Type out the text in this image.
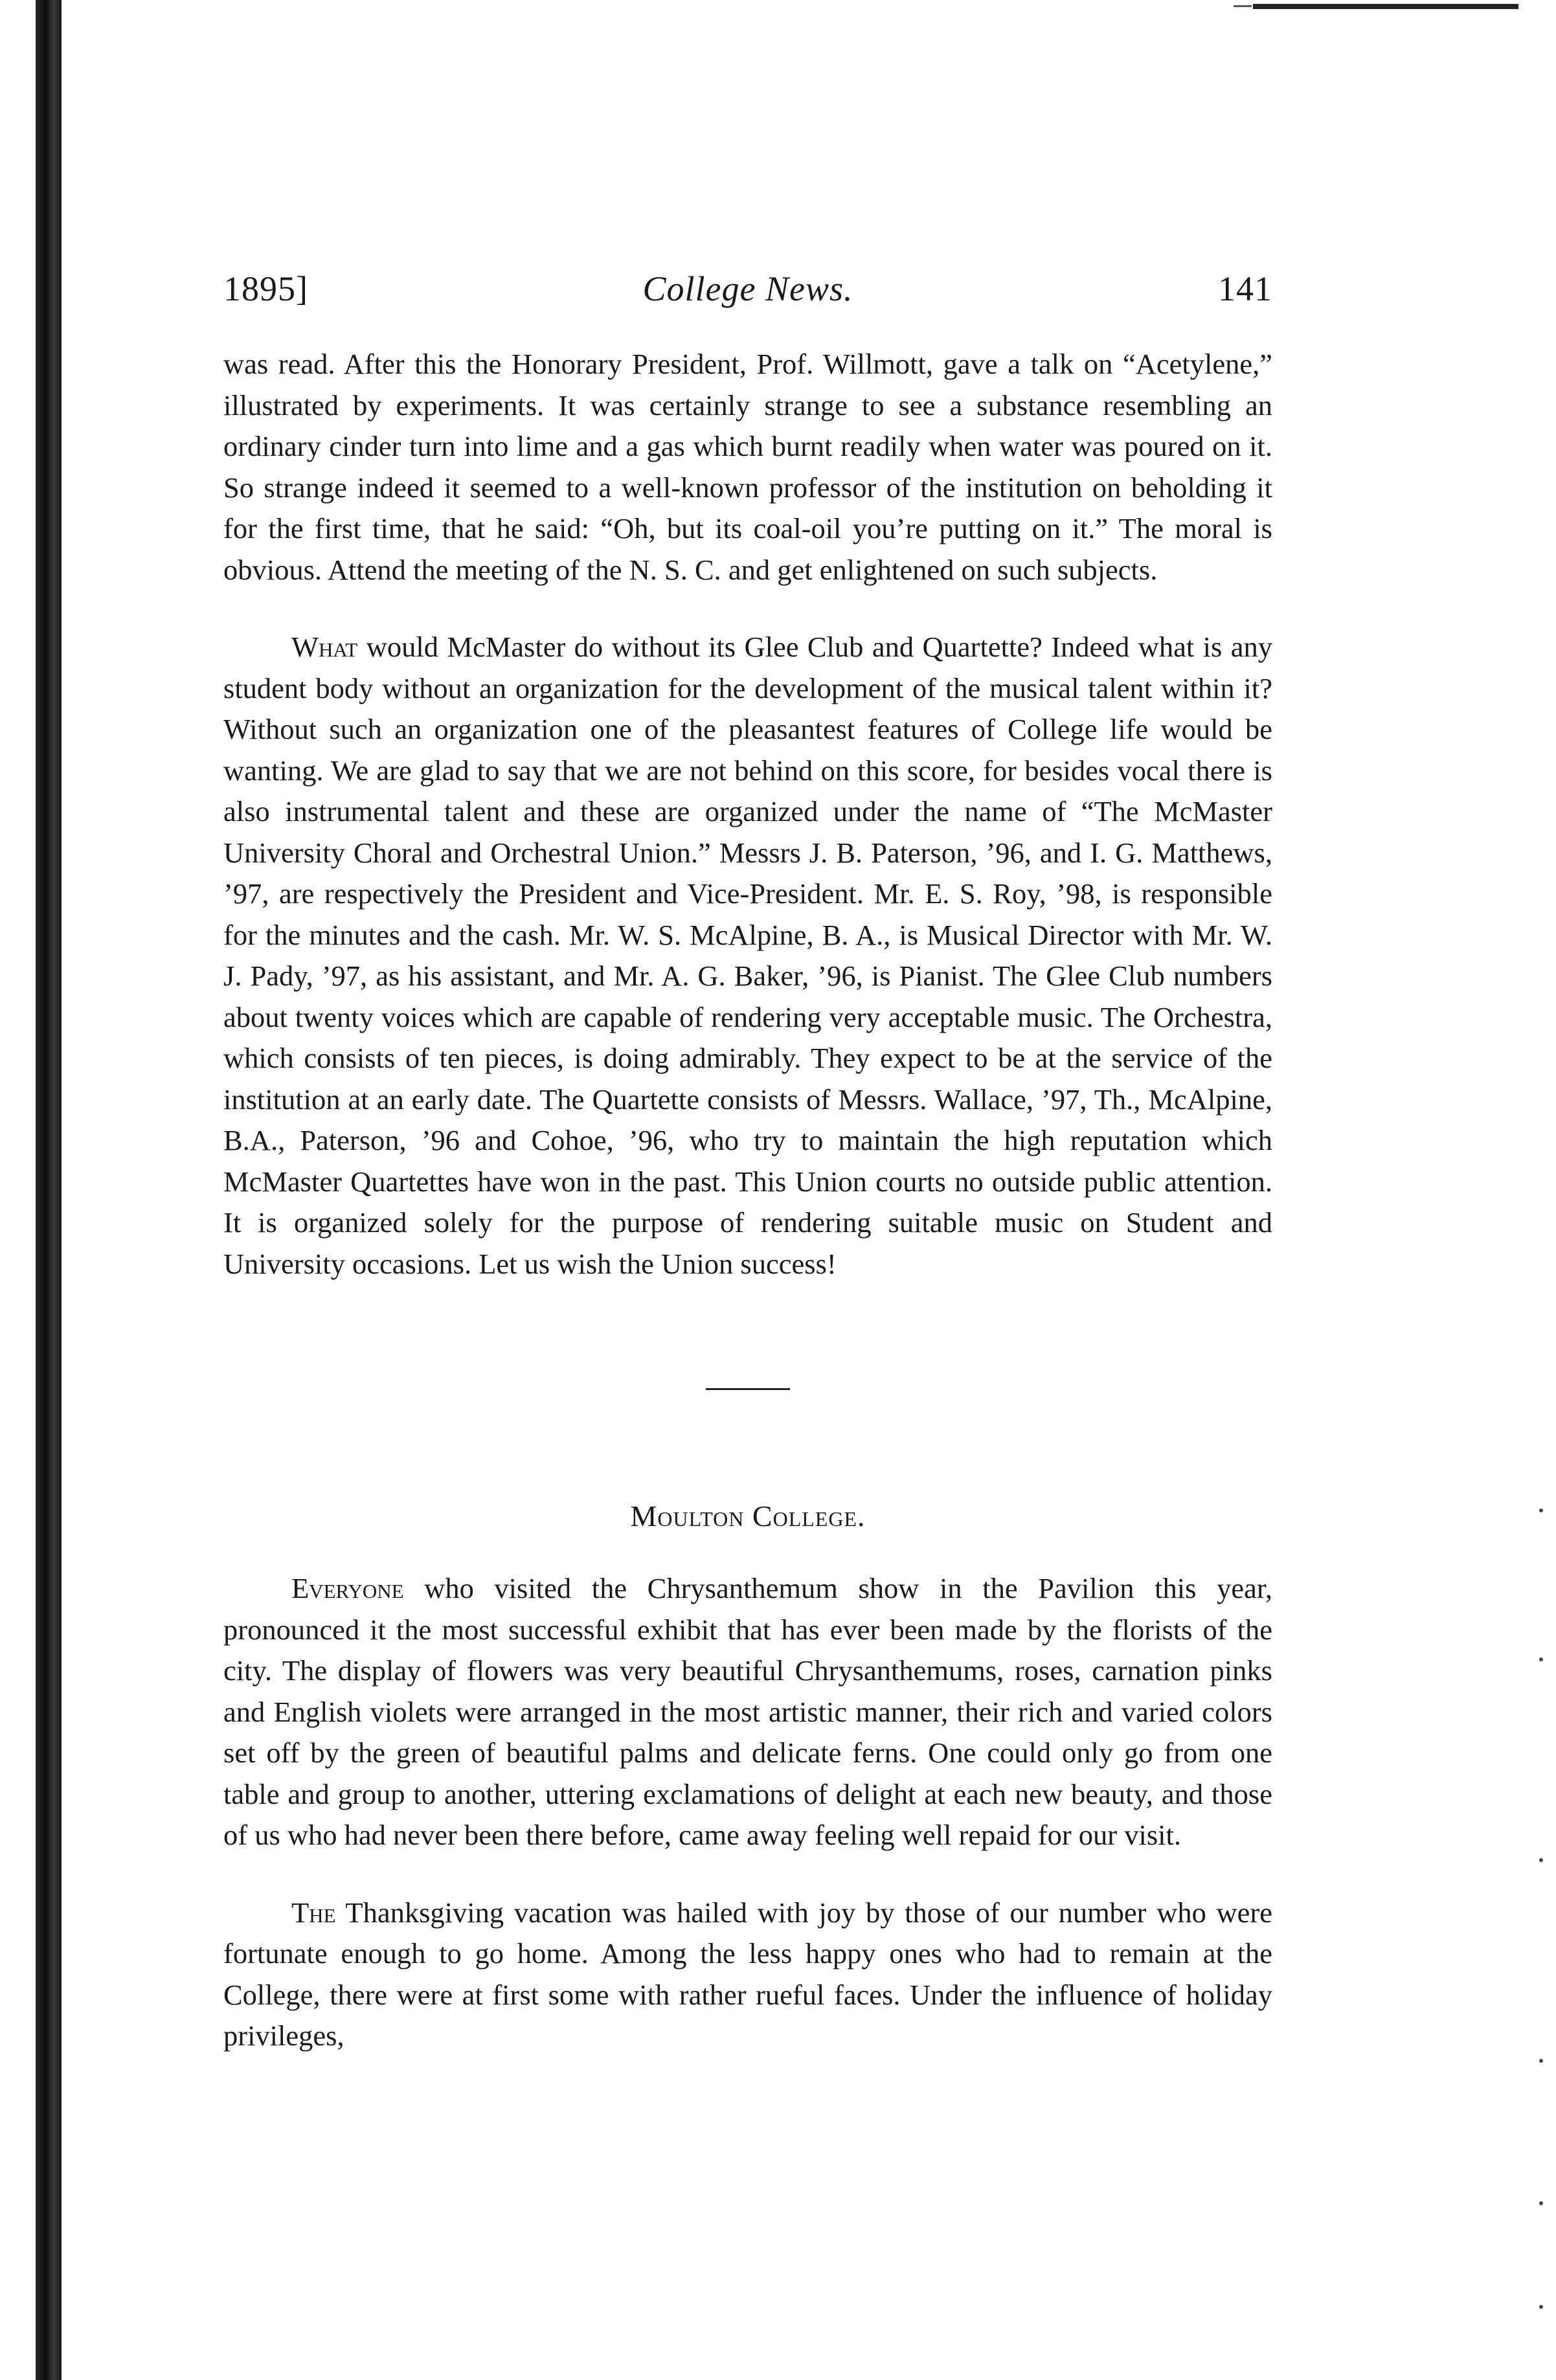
1895]	College News.	141

was read. After this the Honorary President, Prof. Willmott, gave a talk on “Acetylene,” illustrated by experiments. It was certainly strange to see a substance resembling an ordinary cinder turn into lime and a gas which burnt readily when water was poured on it. So strange indeed it seemed to a well-known professor of the institution on beholding it for the first time, that he said: “Oh, but its coal-oil you’re putting on it.” The moral is obvious. Attend the meeting of the N. S. C. and get enlightened on such subjects.

What would McMaster do without its Glee Club and Quartette? Indeed what is any student body without an organization for the development of the musical talent within it? Without such an organization one of the pleasantest features of College life would be wanting. We are glad to say that we are not behind on this score, for besides vocal there is also instrumental talent and these are organized under the name of “The McMaster University Choral and Orchestral Union.” Messrs J. B. Paterson, ’96, and I. G. Matthews, ’97, are respectively the President and Vice-President. Mr. E. S. Roy, ’98, is responsible for the minutes and the cash. Mr. W. S. McAlpine, B. A., is Musical Director with Mr. W. J. Pady, ’97, as his assistant, and Mr. A. G. Baker, ’96, is Pianist. The Glee Club numbers about twenty voices which are capable of rendering very acceptable music. The Orchestra, which consists of ten pieces, is doing admirably. They expect to be at the service of the institution at an early date. The Quartette consists of Messrs. Wallace, ’97, Th., McAlpine, B.A., Paterson, ’96 and Cohoe, ’96, who try to maintain the high reputation which McMaster Quartettes have won in the past. This Union courts no outside public attention. It is organized solely for the purpose of rendering suitable music on Student and University occasions. Let us wish the Union success!

Moulton College.

Everyone who visited the Chrysanthemum show in the Pavilion this year, pronounced it the most successful exhibit that has ever been made by the florists of the city. The display of flowers was very beautiful Chrysanthemums, roses, carnation pinks and English violets were arranged in the most artistic manner, their rich and varied colors set off by the green of beautiful palms and delicate ferns. One could only go from one table and group to another, uttering exclamations of delight at each new beauty, and those of us who had never been there before, came away feeling well repaid for our visit.

The Thanksgiving vacation was hailed with joy by those of our number who were fortunate enough to go home. Among the less happy ones who had to remain at the College, there were at first some with rather rueful faces. Under the influence of holiday privileges,
